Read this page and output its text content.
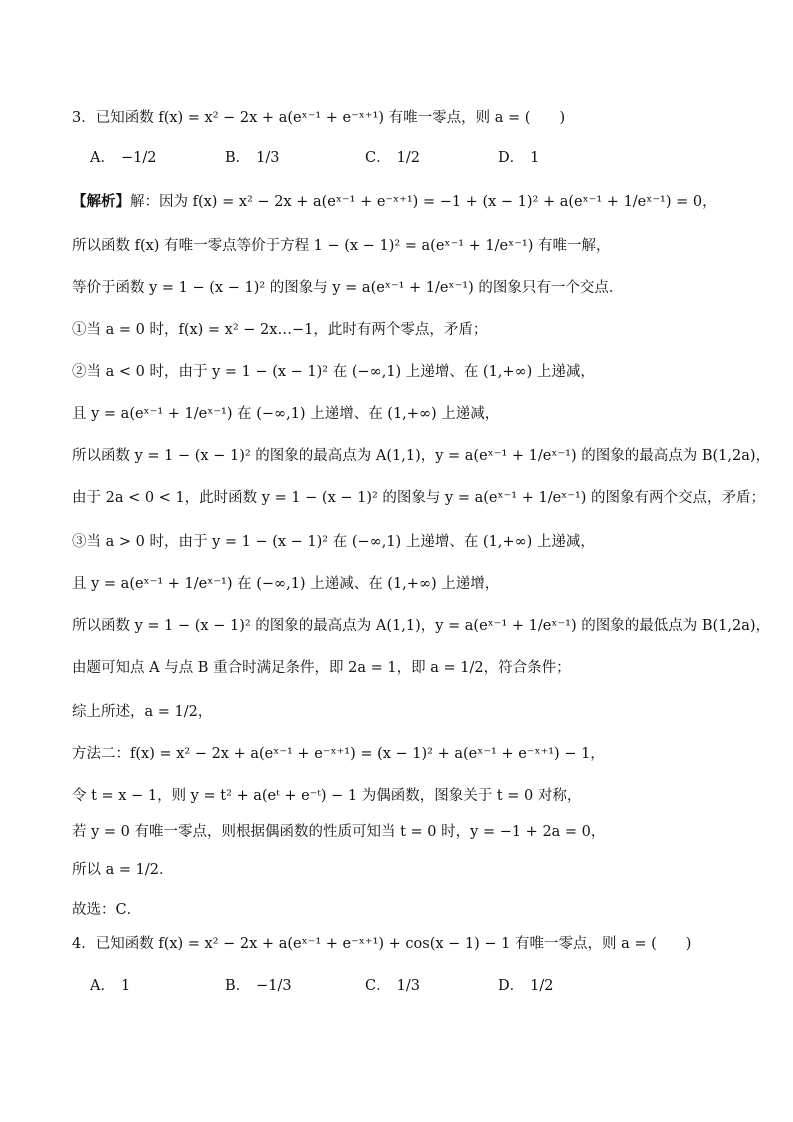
3．已知函数 f(x) = x² − 2x + a(eˣ⁻¹ + e⁻ˣ⁺¹) 有唯一零点，则 a = (　　)
A． −1/2	B． 1/3	C． 1/2	D． 1
【解析】解：因为 f(x) = x² − 2x + a(eˣ⁻¹ + e⁻ˣ⁺¹) = −1 + (x − 1)² + a(eˣ⁻¹ + 1/eˣ⁻¹) = 0，
所以函数 f(x) 有唯一零点等价于方程 1 − (x − 1)² = a(eˣ⁻¹ + 1/eˣ⁻¹) 有唯一解，
等价于函数 y = 1 − (x − 1)² 的图象与 y = a(eˣ⁻¹ + 1/eˣ⁻¹) 的图象只有一个交点．
①当 a = 0 时，f(x) = x² − 2x…−1，此时有两个零点，矛盾；
②当 a < 0 时，由于 y = 1 − (x − 1)² 在 (−∞,1) 上递增、在 (1,+∞) 上递减，
且 y = a(eˣ⁻¹ + 1/eˣ⁻¹) 在 (−∞,1) 上递增、在 (1,+∞) 上递减，
所以函数 y = 1 − (x − 1)² 的图象的最高点为 A(1,1)，y = a(eˣ⁻¹ + 1/eˣ⁻¹) 的图象的最高点为 B(1,2a)，
由于 2a < 0 < 1，此时函数 y = 1 − (x − 1)² 的图象与 y = a(eˣ⁻¹ + 1/eˣ⁻¹) 的图象有两个交点，矛盾；
③当 a > 0 时，由于 y = 1 − (x − 1)² 在 (−∞,1) 上递增、在 (1,+∞) 上递减，
且 y = a(eˣ⁻¹ + 1/eˣ⁻¹) 在 (−∞,1) 上递减、在 (1,+∞) 上递增，
所以函数 y = 1 − (x − 1)² 的图象的最高点为 A(1,1)，y = a(eˣ⁻¹ + 1/eˣ⁻¹) 的图象的最低点为 B(1,2a)，
由题可知点 A 与点 B 重合时满足条件，即 2a = 1，即 a = 1/2，符合条件；
综上所述，a = 1/2，
方法二：f(x) = x² − 2x + a(eˣ⁻¹ + e⁻ˣ⁺¹) = (x − 1)² + a(eˣ⁻¹ + e⁻ˣ⁺¹) − 1，
令 t = x − 1，则 y = t² + a(eᵗ + e⁻ᵗ) − 1 为偶函数，图象关于 t = 0 对称，
若 y = 0 有唯一零点，则根据偶函数的性质可知当 t = 0 时，y = −1 + 2a = 0，
所以 a = 1/2．
故选：C．
4．已知函数 f(x) = x² − 2x + a(eˣ⁻¹ + e⁻ˣ⁺¹) + cos(x − 1) − 1 有唯一零点，则 a = (　　)
A． 1	B． −1/3	C． 1/3	D． 1/2
